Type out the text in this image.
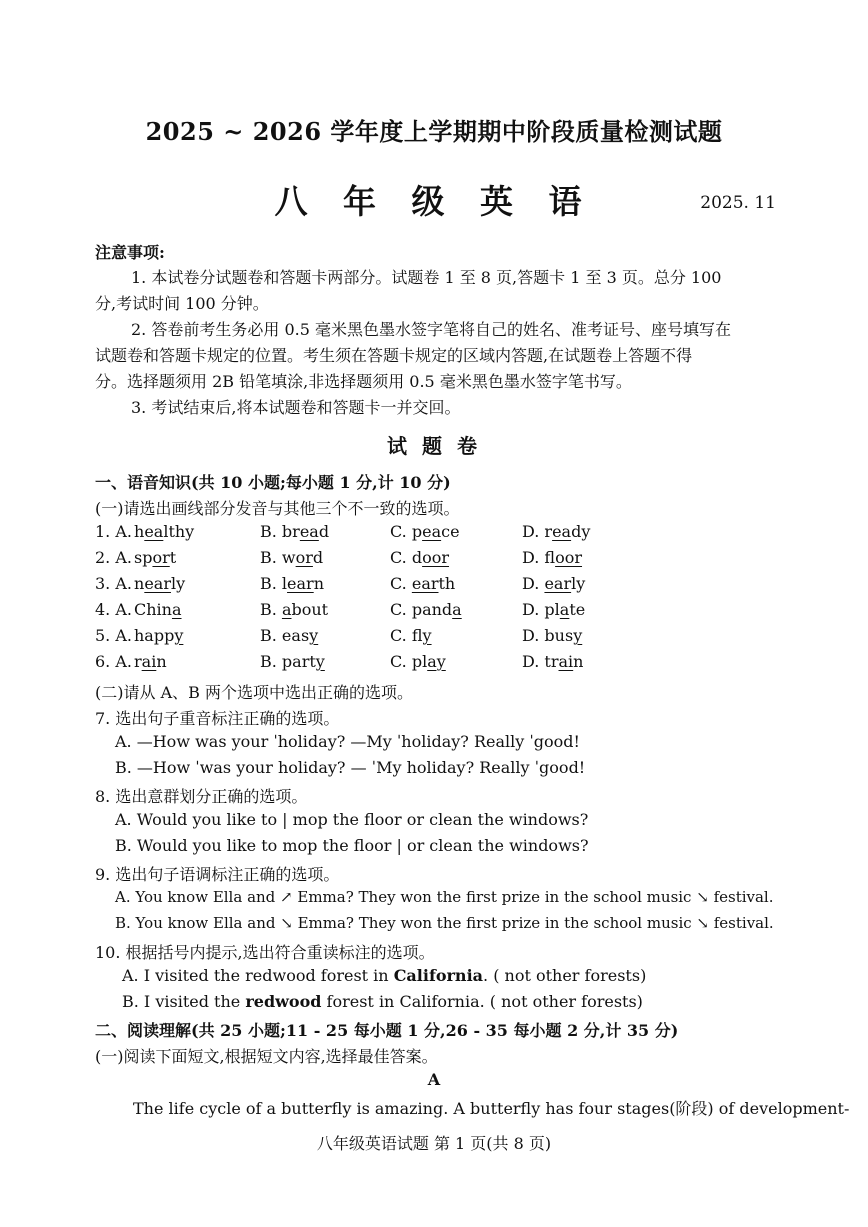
2025 ~ 2026 学年度上学期期中阶段质量检测试题
八 年 级 英 语	2025. 11
注意事项:
1. 本试卷分试题卷和答题卡两部分。试题卷 1 至 8 页,答题卡 1 至 3 页。总分 100
分,考试时间 100 分钟。
2. 答卷前考生务必用 0.5 毫米黑色墨水签字笔将自己的姓名、准考证号、座号填写在
试题卷和答题卡规定的位置。考生须在答题卡规定的区域内答题,在试题卷上答题不得
分。选择题须用 2B 铅笔填涂,非选择题须用 0.5 毫米黑色墨水签字笔书写。
3. 考试结束后,将本试题卷和答题卡一并交回。
试 题 卷
一、语音知识(共 10 小题;每小题 1 分,计 10 分)
(一)请选出画线部分发音与其他三个不一致的选项。
1. A. healthy	B. bread	C. peace	D. ready
2. A. sport	B. word	C. door	D. floor
3. A. nearly	B. learn	C. earth	D. early
4. A. China	B. about	C. panda	D. plate
5. A. happy	B. easy	C. fly	D. busy
6. A. rain	B. party	C. play	D. train
(二)请从 A、B 两个选项中选出正确的选项。
7. 选出句子重音标注正确的选项。
A. —How was your ˈholiday? —My ˈholiday? Really ˈgood!
B. —How ˈwas your holiday? — ˈMy holiday? Really ˈgood!
8. 选出意群划分正确的选项。
A. Would you like to | mop the floor or clean the windows?
B. Would you like to mop the floor | or clean the windows?
9. 选出句子语调标注正确的选项。
A. You know Ella and ↗ Emma? They won the first prize in the school music ↘ festival.
B. You know Ella and ↘ Emma? They won the first prize in the school music ↘ festival.
10. 根据括号内提示,选出符合重读标注的选项。
A. I visited the redwood forest in California. ( not other forests)
B. I visited the redwood forest in California. ( not other forests)
二、阅读理解(共 25 小题;11 - 25 每小题 1 分,26 - 35 每小题 2 分,计 35 分)
(一)阅读下面短文,根据短文内容,选择最佳答案。
A
The life cycle of a butterfly is amazing. A butterfly has four stages(阶段) of development-
八年级英语试题 第 1 页(共 8 页)
